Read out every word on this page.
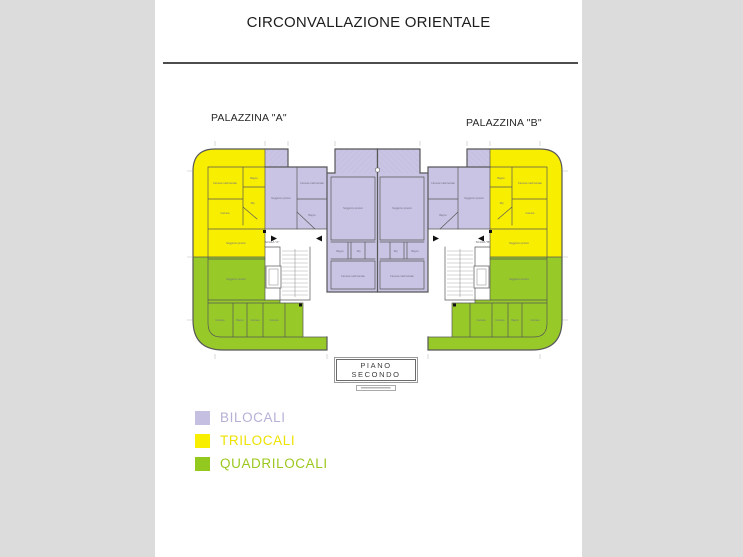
CIRCONVALLAZIONE ORIENTALE
PALAZZINA "A"	PALAZZINA "B"
Camera matrimoniale
Camera
Bagno
Rip.
Soggiorno pranzo
Soggiorno pranzo
Camera matrimoniale
Bagno
Soggiorno pranzo
Camera	Bagno	Camera	Camera
Soggiorno pranzo
Camera matrimoniale
Bagno	Rip.
Soggiorno pranzo
Camera matrimoniale
Bagno
Rip.
Soggiorno pranzo
Camera matrimoniale
Bagno
Soggiorno pranzo
Camera matrimoniale
Camera
Bagno
Rip.
Soggiorno pranzo
Camera
Bagno
Camera
Camera
SCALA "A"	SCALA "B"
PIANO SECONDO
BILOCALI
TRILOCALI
QUADRILOCALI
